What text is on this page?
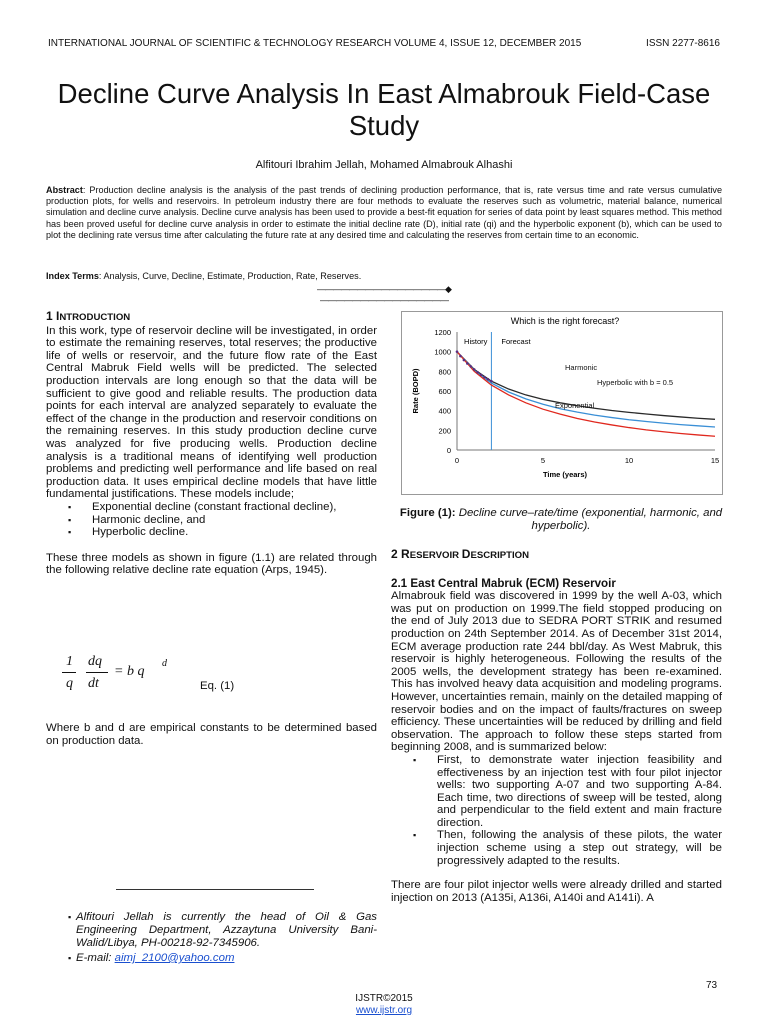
INTERNATIONAL JOURNAL OF SCIENTIFIC & TECHNOLOGY RESEARCH VOLUME 4, ISSUE 12, DECEMBER 2015	ISSN 2277-8616
Decline Curve Analysis In East Almabrouk Field-Case Study
Alfitouri Ibrahim Jellah, Mohamed Almabrouk Alhashi
Abstract: Production decline analysis is the analysis of the past trends of declining production performance, that is, rate versus time and rate versus cumulative production plots, for wells and reservoirs. In petroleum industry there are four methods to evaluate the reserves such as volumetric, material balance, numerical simulation and decline curve analysis. Decline curve analysis has been used to provide a best-fit equation for series of data point by least squares method. This method has been proved useful for decline curve analysis in order to estimate the initial decline rate (D), initial rate (qi) and the hyperbolic exponent (b), which can be used to plot the declining rate versus time after calculating the future rate at any desired time and calculating the reserves from certain time to an economic.
Index Terms: Analysis, Curve, Decline, Estimate, Production, Rate, Reserves.
————————————————◆————————————————
1 INTRODUCTION
In this work, type of reservoir decline will be investigated, in order to estimate the remaining reserves, total reserves; the productive life of wells or reservoir, and the future flow rate of the East Central Mabruk Field wells will be predicted. The selected production intervals are long enough so that the data will be sufficient to give good and reliable results. The production data points for each interval are analyzed separately to evaluate the effect of the change in the production and reservoir conditions on the remaining reserves. In this study production decline curve was analyzed for five producing wells. Production decline analysis is a traditional means of identifying well production problems and predicting well performance and life based on real production data. It uses empirical decline models that have little fundamental justifications. These models include;
▪ Exponential decline (constant fractional decline),
▪ Harmonic decline, and
▪ Hyperbolic decline.
These three models as shown in figure (1.1) are related through the following relative decline rate equation (Arps, 1945).
1
q
dq
dt
= b q
d
Eq. (1)
Where b and d are empirical constants to be determined based on production data.
▪ Alfitouri Jellah is currently the head of Oil & Gas Engineering Department, Azzaytuna University Bani-Walid/Libya, PH-00218-92-7345906.
▪ E-mail: aimj_2100@yahoo.com
Which is the right forecast?
0
200
400
600
800
1000
1200
0	5	10	15
Time (years)
Rate (BOPD)
History Forecast
Harmonic
Hyperbolic with b = 0.5
Exponential
Figure (1): Decline curve–rate/time (exponential, harmonic, and hyperbolic).
2 RESERVOIR DESCRIPTION
2.1 East Central Mabruk (ECM) Reservoir
Almabrouk field was discovered in 1999 by the well A-03, which was put on production on 1999.The field stopped producing on the end of July 2013 due to SEDRA PORT STRIK and resumed production on 24th September 2014. As of December 31st 2014, ECM average production rate 244 bbl/day. As West Mabruk, this reservoir is highly heterogeneous. Following the results of the 2005 wells, the development strategy has been re-examined. This has involved heavy data acquisition and modeling programs. However, uncertainties remain, mainly on the detailed mapping of reservoir bodies and on the impact of faults/fractures on sweep efficiency. These uncertainties will be reduced by drilling and field observation. The approach to follow these steps started from beginning 2008, and is summarized below:
▪ First, to demonstrate water injection feasibility and effectiveness by an injection test with four pilot injector wells: two supporting A-07 and two supporting A-84. Each time, two directions of sweep will be tested, along and perpendicular to the field extent and main fracture direction.
▪ Then, following the analysis of these pilots, the water injection scheme using a step out strategy, will be progressively adapted to the results.
There are four pilot injector wells were already drilled and started injection on 2013 (A135i, A136i, A140i and A141i). A
73
IJSTR©2015
www.ijstr.org
